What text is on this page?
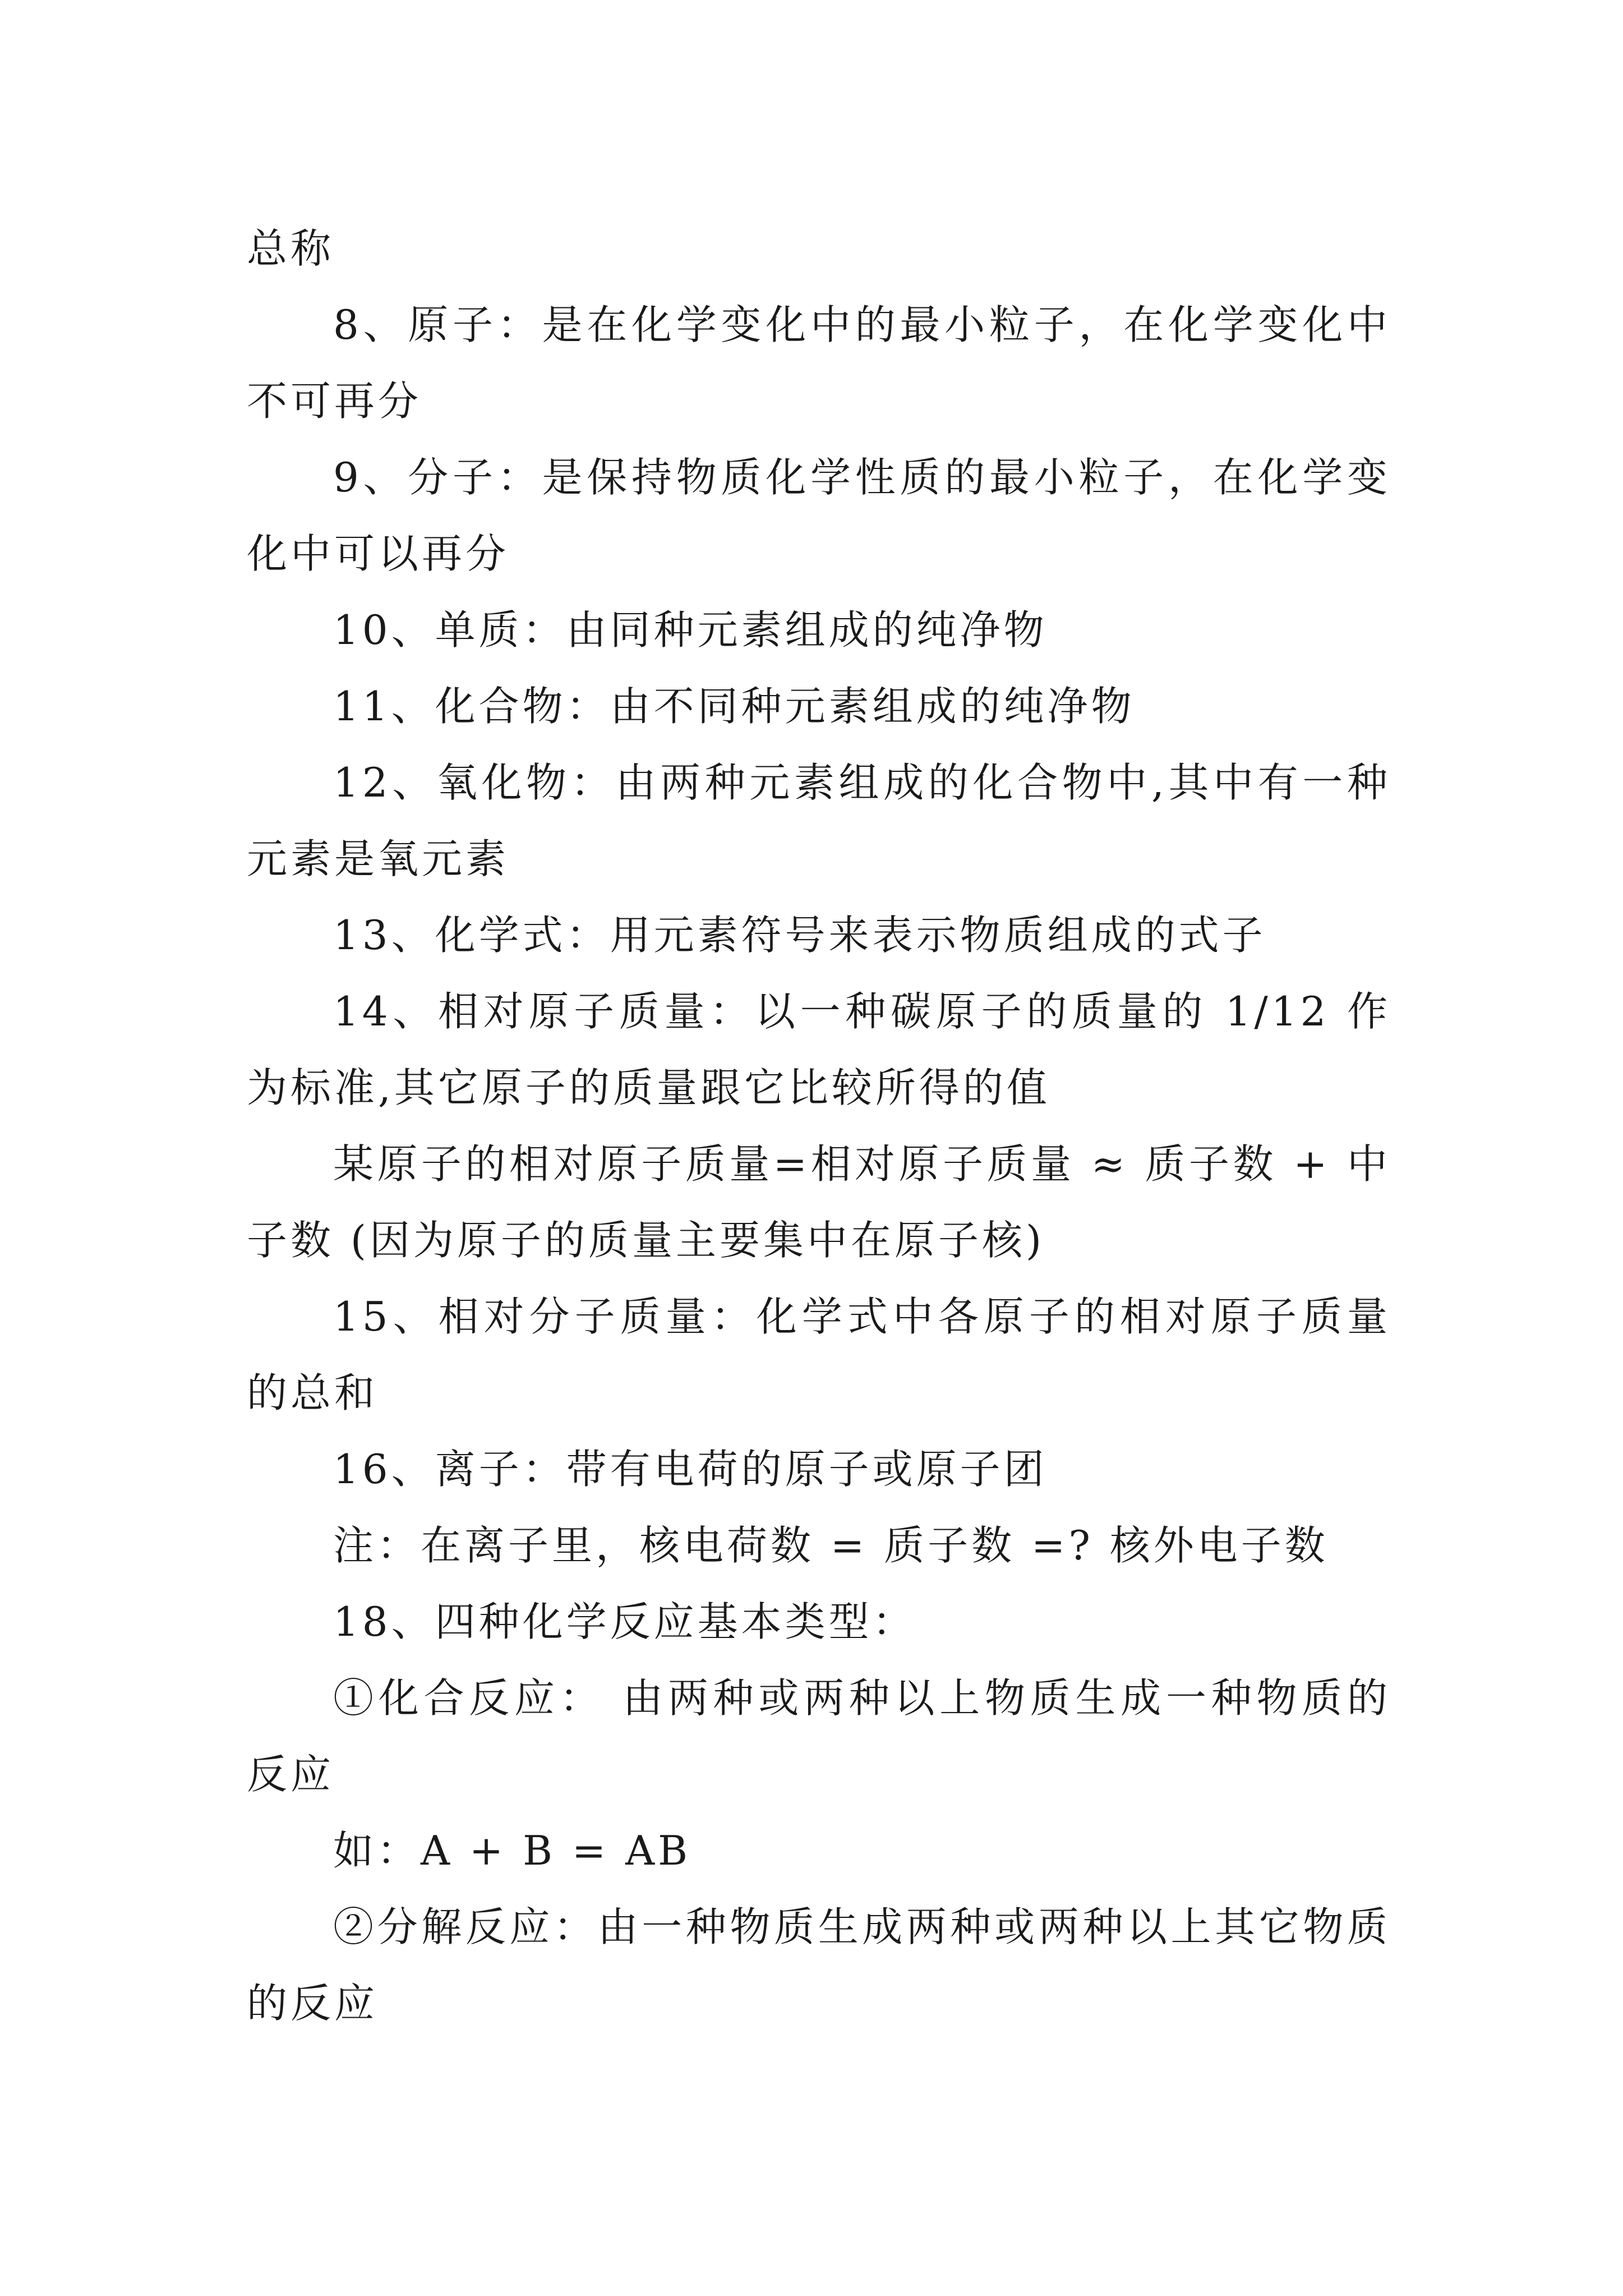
总称

8、原子：是在化学变化中的最小粒子，在化学变化中不可再分

9、分子：是保持物质化学性质的最小粒子，在化学变化中可以再分

10、单质：由同种元素组成的纯净物

11、化合物：由不同种元素组成的纯净物

12、氧化物：由两种元素组成的化合物中,其中有一种元素是氧元素

13、化学式：用元素符号来表示物质组成的式子

14、相对原子质量：以一种碳原子的质量的 1/12 作为标准,其它原子的质量跟它比较所得的值

某原子的相对原子质量=相对原子质量 ≈ 质子数 + 中子数 (因为原子的质量主要集中在原子核)

15、相对分子质量：化学式中各原子的相对原子质量的总和

16、离子：带有电荷的原子或原子团

注：在离子里，核电荷数 = 质子数 =? 核外电子数

18、四种化学反应基本类型：

①化合反应： 由两种或两种以上物质生成一种物质的反应

如：A + B = AB

②分解反应：由一种物质生成两种或两种以上其它物质的反应
